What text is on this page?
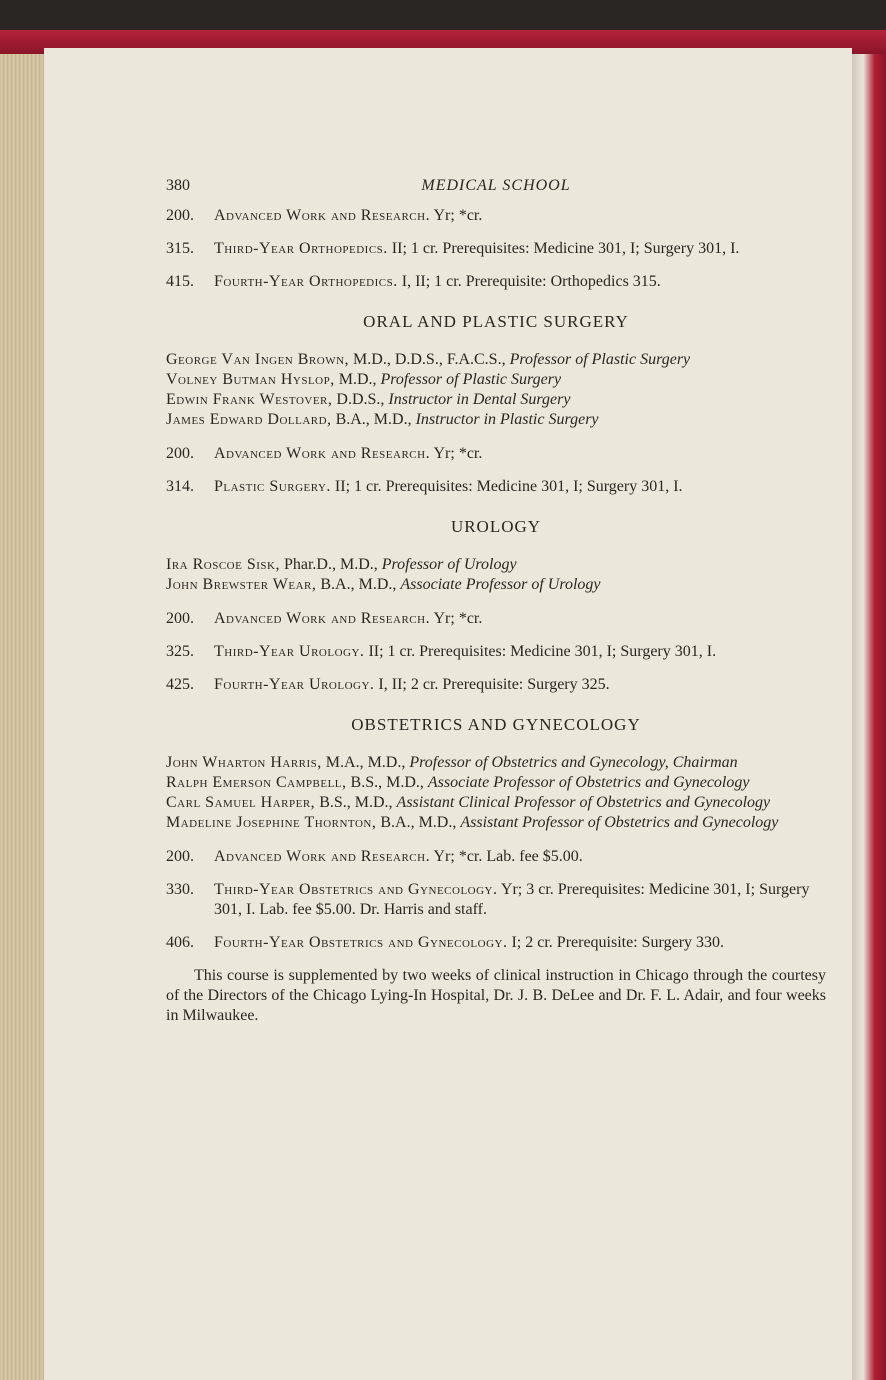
380	MEDICAL SCHOOL
200. Advanced Work and Research. Yr; *cr.
315. Third-Year Orthopedics. II; 1 cr. Prerequisites: Medicine 301, I; Surgery 301, I.
415. Fourth-Year Orthopedics. I, II; 1 cr. Prerequisite: Orthopedics 315.
ORAL AND PLASTIC SURGERY

George Van Ingen Brown, M.D., D.D.S., F.A.C.S., Professor of Plastic Surgery

Volney Butman Hyslop, M.D., Professor of Plastic Surgery

Edwin Frank Westover, D.D.S., Instructor in Dental Surgery

James Edward Dollard, B.A., M.D., Instructor in Plastic Surgery

200. Advanced Work and Research. Yr; *cr.
314. Plastic Surgery. II; 1 cr. Prerequisites: Medicine 301, I; Surgery 301, I.
UROLOGY

Ira Roscoe Sisk, Phar.D., M.D., Professor of Urology

John Brewster Wear, B.A., M.D., Associate Professor of Urology

200. Advanced Work and Research. Yr; *cr.
325. Third-Year Urology. II; 1 cr. Prerequisites: Medicine 301, I; Surgery 301, I.
425. Fourth-Year Urology. I, II; 2 cr. Prerequisite: Surgery 325.
OBSTETRICS AND GYNECOLOGY

John Wharton Harris, M.A., M.D., Professor of Obstetrics and Gynecology, Chairman

Ralph Emerson Campbell, B.S., M.D., Associate Professor of Obstetrics and Gynecology

Carl Samuel Harper, B.S., M.D., Assistant Clinical Professor of Obstetrics and Gynecology

Madeline Josephine Thornton, B.A., M.D., Assistant Professor of Obstetrics and Gynecology

200. Advanced Work and Research. Yr; *cr. Lab. fee $5.00.
330. Third-Year Obstetrics and Gynecology. Yr; 3 cr. Prerequisites: Medicine 301, I; Surgery 301, I. Lab. fee $5.00. Dr. Harris and staff.
406. Fourth-Year Obstetrics and Gynecology. I; 2 cr. Prerequisite: Surgery 330.

This course is supplemented by two weeks of clinical instruction in Chicago through the courtesy of the Directors of the Chicago Lying-In Hospital, Dr. J. B. DeLee and Dr. F. L. Adair, and four weeks in Milwaukee.
